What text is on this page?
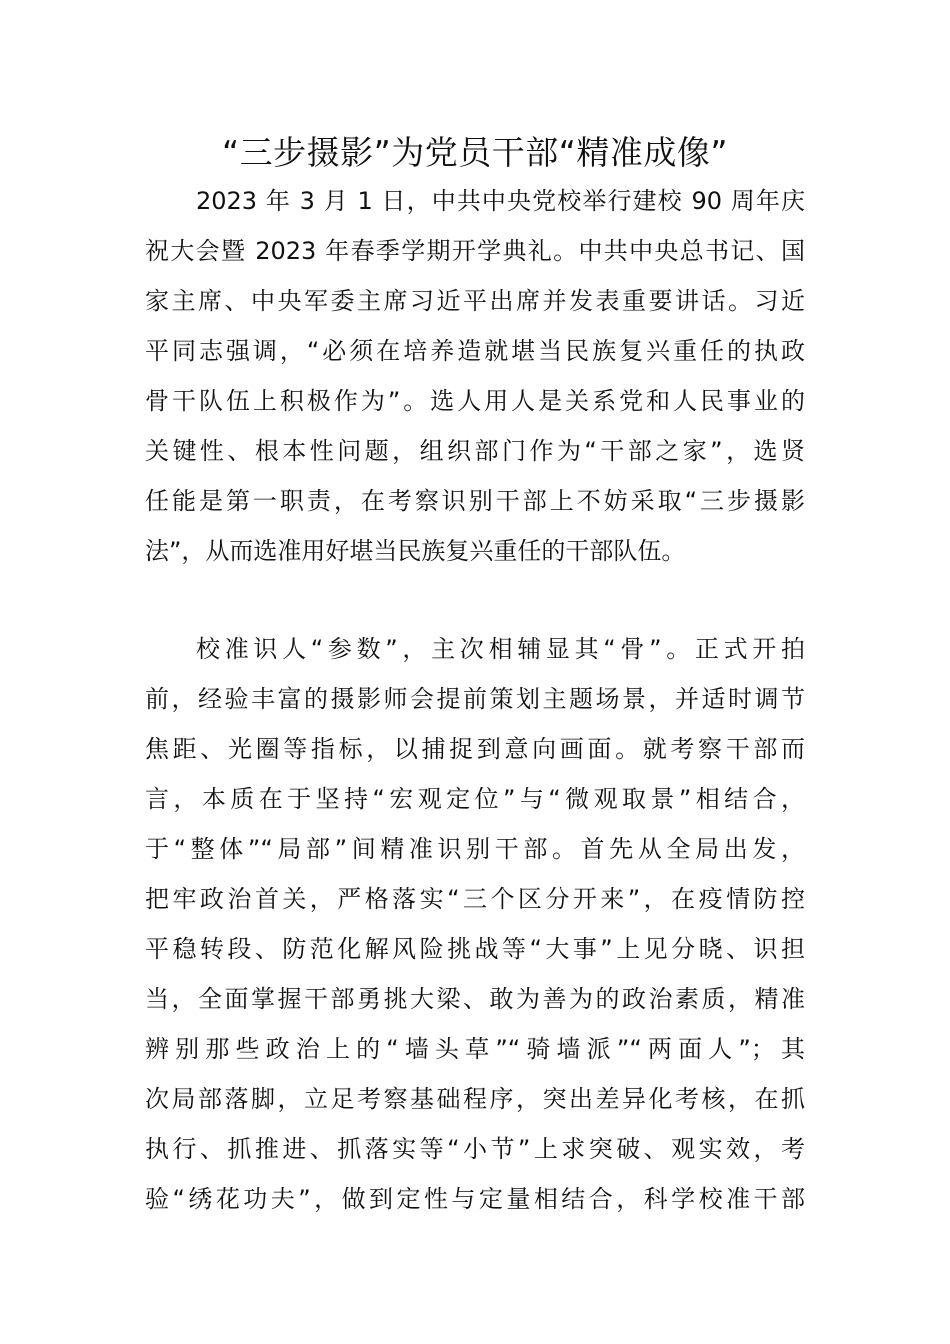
“三步摄影”为党员干部“精准成像”
2023 年 3 月 1 日，中共中央党校举行建校 90 周年庆
祝大会暨 2023 年春季学期开学典礼。中共中央总书记、国
家主席、中央军委主席习近平出席并发表重要讲话。习近
平同志强调，“必须在培养造就堪当民族复兴重任的执政
骨干队伍上积极作为”。选人用人是关系党和人民事业的
关键性、根本性问题，组织部门作为“干部之家”，选贤
任能是第一职责，在考察识别干部上不妨采取“三步摄影
法”，从而选准用好堪当民族复兴重任的干部队伍。
校准识人“参数”，主次相辅显其“骨”。正式开拍
前，经验丰富的摄影师会提前策划主题场景，并适时调节
焦距、光圈等指标，以捕捉到意向画面。就考察干部而
言，本质在于坚持“宏观定位”与“微观取景”相结合，
于“整体”“局部”间精准识别干部。首先从全局出发，
把牢政治首关，严格落实“三个区分开来”，在疫情防控
平稳转段、防范化解风险挑战等“大事”上见分晓、识担
当，全面掌握干部勇挑大梁、敢为善为的政治素质，精准
辨别那些政治上的“墙头草”“骑墙派”“两面人”；其
次局部落脚，立足考察基础程序，突出差异化考核，在抓
执行、抓推进、抓落实等“小节”上求突破、观实效，考
验“绣花功夫”，做到定性与定量相结合，科学校准干部
